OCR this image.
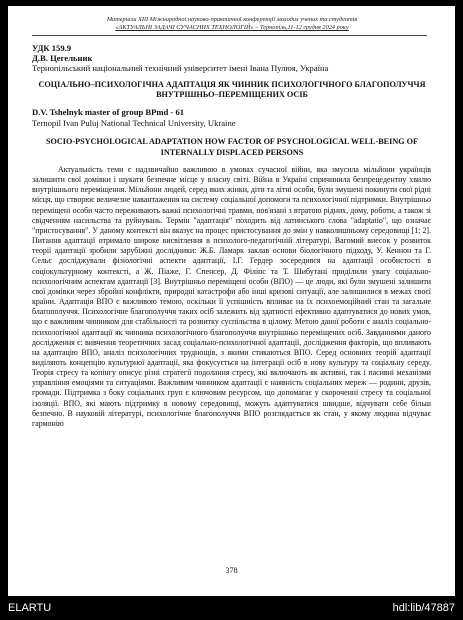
Матеріали XIII Міжнародної науково-практичної конференції молодих учених та студентів
«АКТУАЛЬНІ ЗАДАЧІ СУЧАСНИХ ТЕХНОЛОГІЙ» – Тернопіль,11-12 грудня 2024 року
УДК 159.9
Д.В. Цегельник
Тернопільський національний технічний університет імені Івана Пулюя, Україна
СОЦІАЛЬНО–ПСИХОЛОГІЧНА АДАПТАЦІЯ ЯК ЧИННИК ПСИХОЛОГІЧНОГО БЛАГОПОЛУЧЧЯ ВНУТРІШНЬО–ПЕРЕМІЩЕНИХ ОСІБ
D.V. Tshelnyk master of group BPmd - 61
Ternopil Ivan Puluj National Technical University, Ukraine
SOCIO-PSYCHOLOGICAL ADAPTATION HOW FACTOR OF PSYCHOLOGICAL WELL-BEING OF INTERNALLY DISPLACED PERSONS

Актуальність теми є надзвичайно важливою в умовах сучасної війни, яка змусила мільйони українців залишити свої домівки і шукати безпечне місце у власну світі. Війна в Україні спричинила безпрецедентну хвилю внутрішнього переміщення. Мільйони людей, серед яких жінки, діти та літні особи, були змушені покинути свої рідні місця, що створює величезне навантаження на систему соціальної допомоги та психологічної підтримки. Внутрішньо переміщені особи часто переживають важкі психологічні травми, пов'язані з втратою рідних, дому, роботи, а також зі свідченням насильства та руйнувань. Термін "адаптація" походить від латинського слова "adaptatio", що означає "пристосування". У даному контексті він вказує на процес пристосування до змін у навколишньому середовищі [1; 2]. Питання адаптації отримало широке висвітлення в психолого-педагогічній літературі. Вагомий внесок у розвиток теорії адаптації зробили зарубіжні дослідники: Ж.Б. Ламарк заклав основи біологічного підходу, У. Кеннон та Г. Сельє досліджували фізіологічні аспекти адаптації, І.Г. Гердер зосередився на адаптації особистості в соціокультурному контексті, а Ж. Піаже, Г. Спенсер, Д. Філіпс та Т. Шибутані приділили увагу соціально-психологічним аспектам адаптації [3]. Внутрішньо переміщені особи (ВПО) — це люди, які були змушені залишити свої домівки через збройні конфлікти, природні катастрофи або інші кризові ситуації, але залишилися в межах своєї країни. Адаптація ВПО є важливою темою, оскільки її успішність впливає на їх психоемоційний стан та загальне благополуччя. Психологічне благополуччя таких осіб залежить від здатності ефективно адаптуватися до нових умов, що є важливим чинником для стабільності та розвитку суспільства в цілому. Метою даної роботи є аналіз соціально-психологічної адаптації як чинника психологічного благополуччя внутрішньо переміщених осіб. Завданнями даного дослідження є: вивчення теоретичних засад соціально-психологічної адаптації, дослідження факторів, що впливають на адаптацію ВПО, аналіз психологічних труднощів, з якими стикаються ВПО. Серед основних теорій адаптації виділяють концепцію культурної адаптації, яка фокусується на інтеграції осіб в нову культуру та соціальну середу. Теорія стресу та копінгу описує різні стратегії подолання стресу, які включають як активні, так і пасивні механізми управління емоціями та ситуаціями. Важливим чинником адаптації є наявність соціальних мереж — родини, друзів, громади. Підтримка з боку соціальних груп є ключовим ресурсом, що допомагає у скороченні стресу та соціальної ізоляції. ВПО, які мають підтримку в новому середовищі, можуть адаптуватися швидше, відчувати себе більш безпечно. В науковій літературі, психологічне благополуччя ВПО розглядається як стан, у якому людина відчуває гармонію

378
ELARTU	hdl:lib/47887
